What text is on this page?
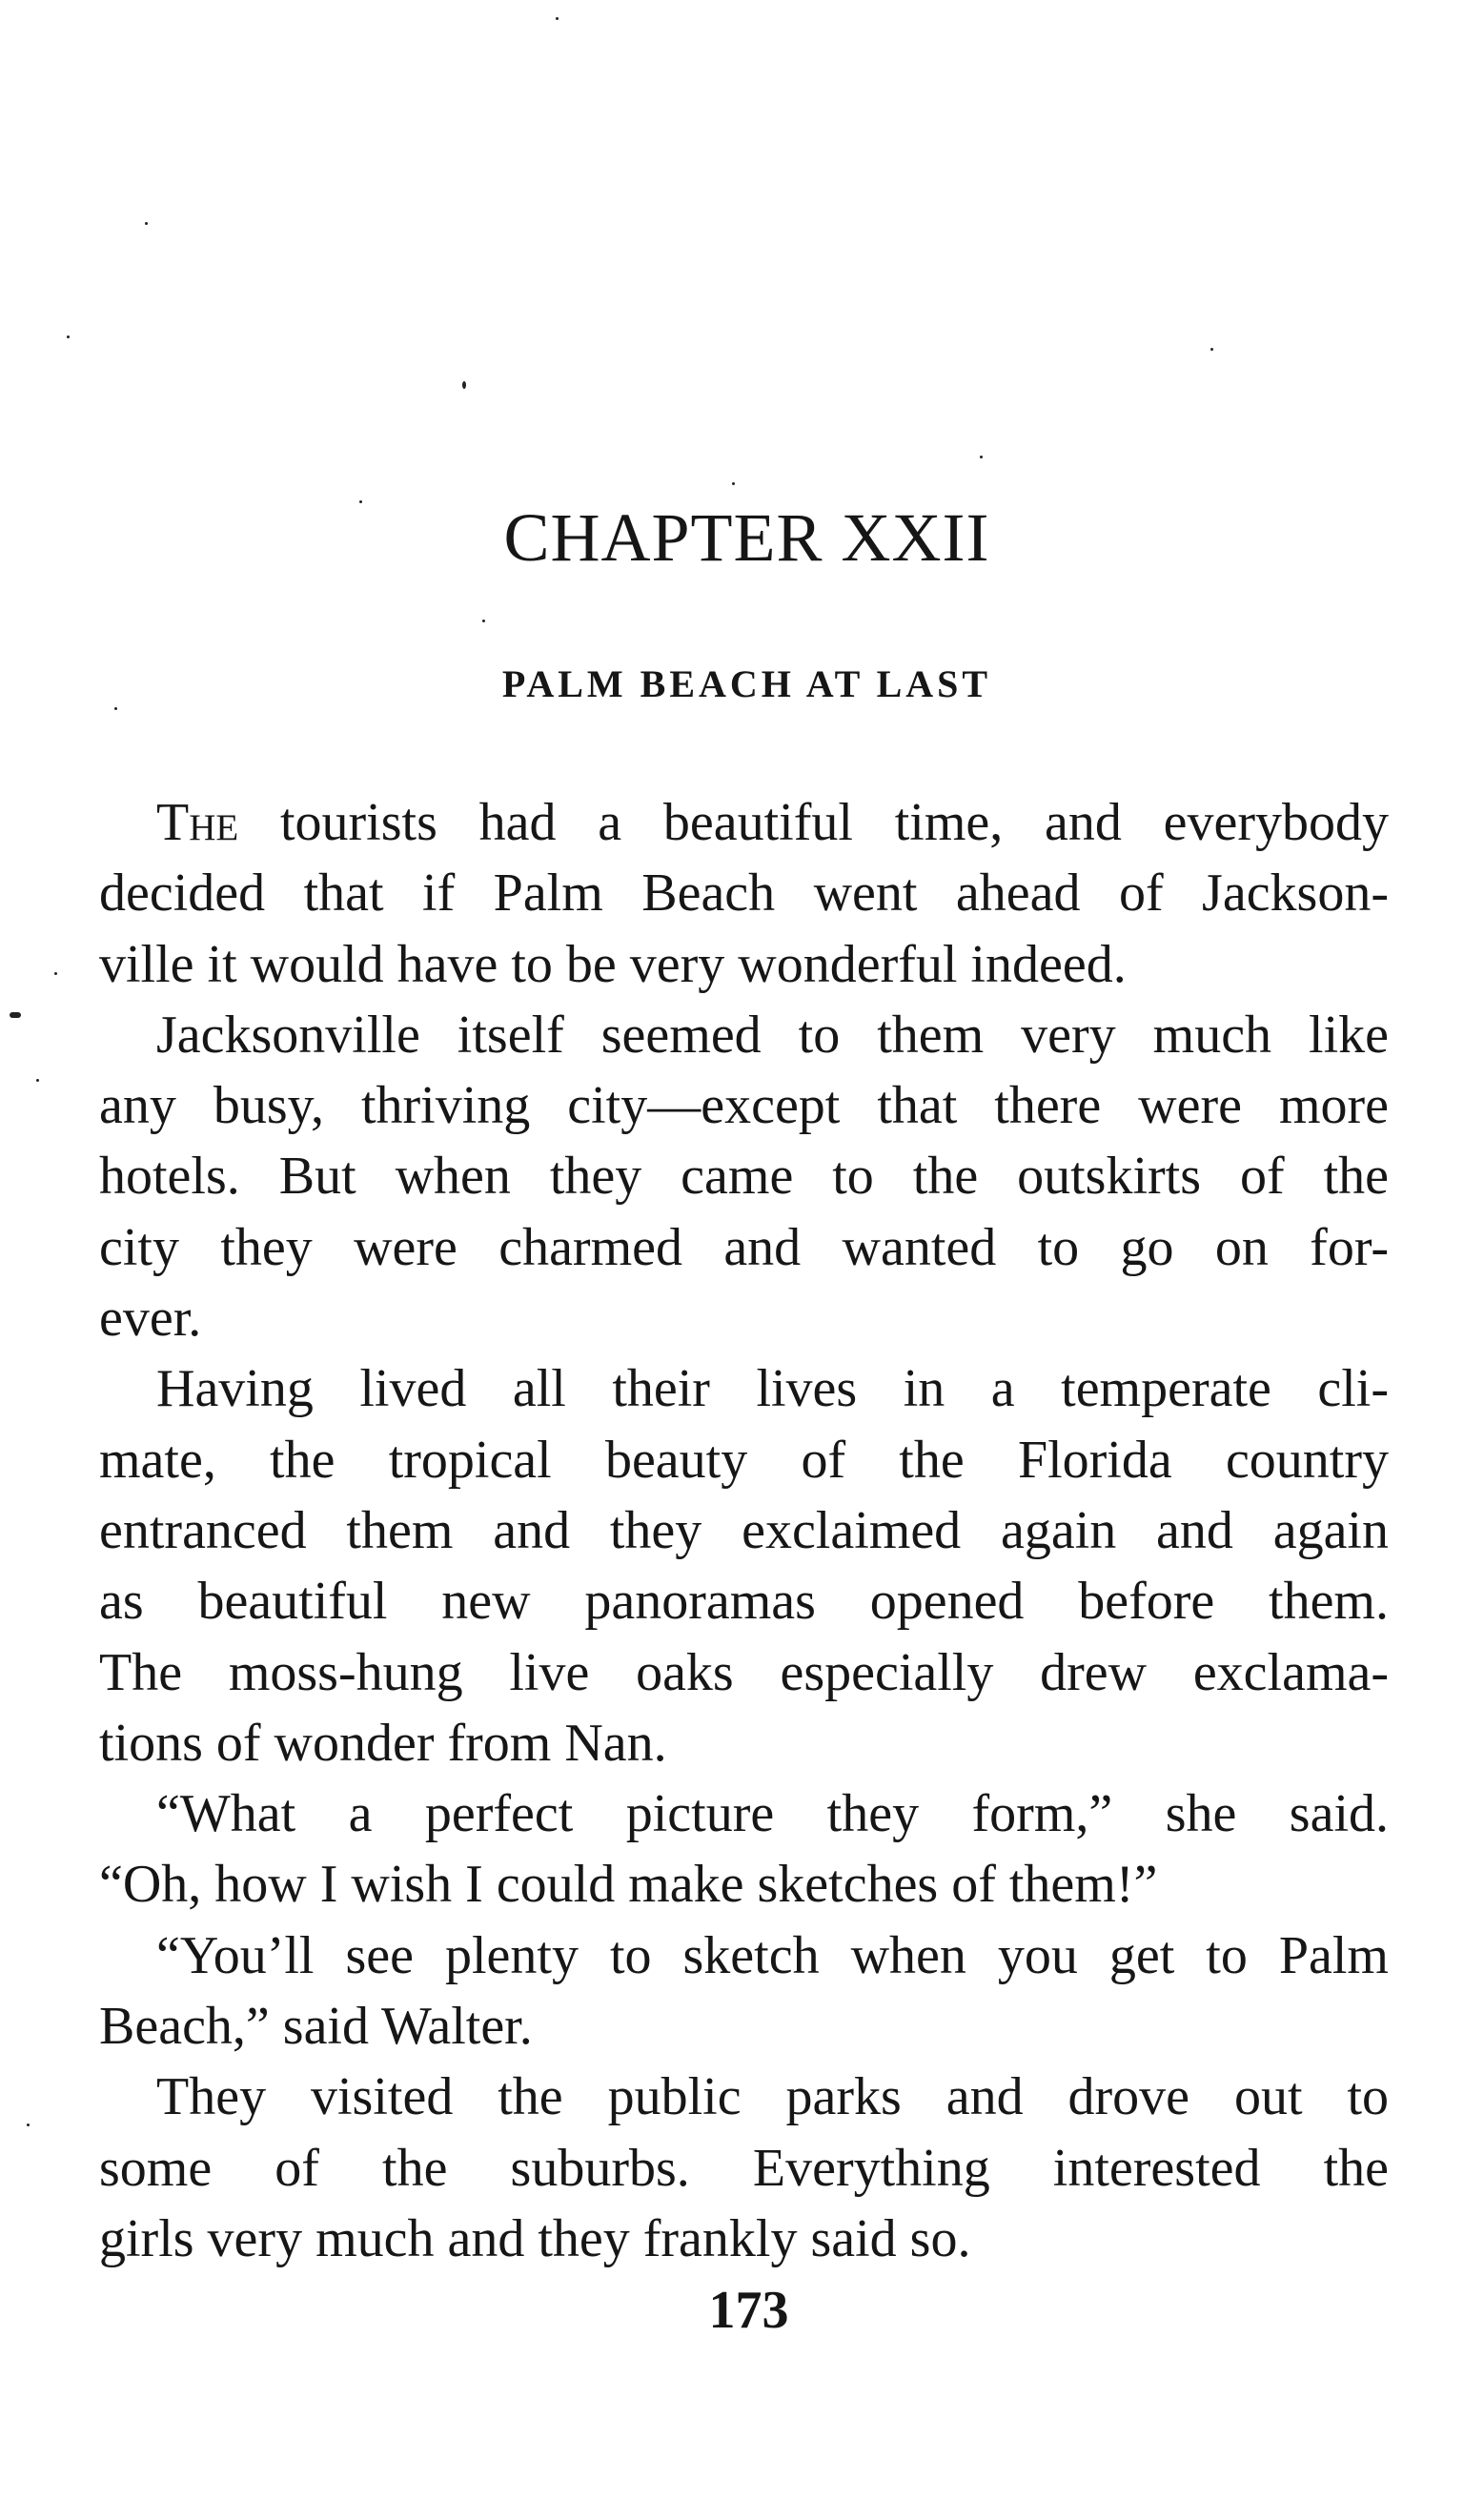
CHAPTER XXII
PALM BEACH AT LAST

The tourists had a beautiful time, and everybody
decided that if Palm Beach went ahead of Jackson-
ville it would have to be very wonderful indeed.

Jacksonville itself seemed to them very much like
any busy, thriving city—except that there were more
hotels. But when they came to the outskirts of the
city they were charmed and wanted to go on for-
ever.

Having lived all their lives in a temperate cli-
mate, the tropical beauty of the Florida country
entranced them and they exclaimed again and again
as beautiful new panoramas opened before them.
The moss-hung live oaks especially drew exclama-
tions of wonder from Nan.

“What a perfect picture they form,” she said.
“Oh, how I wish I could make sketches of them!”

“You’ll see plenty to sketch when you get to Palm
Beach,” said Walter.

They visited the public parks and drove out to
some of the suburbs. Everything interested the
girls very much and they frankly said so.

173
